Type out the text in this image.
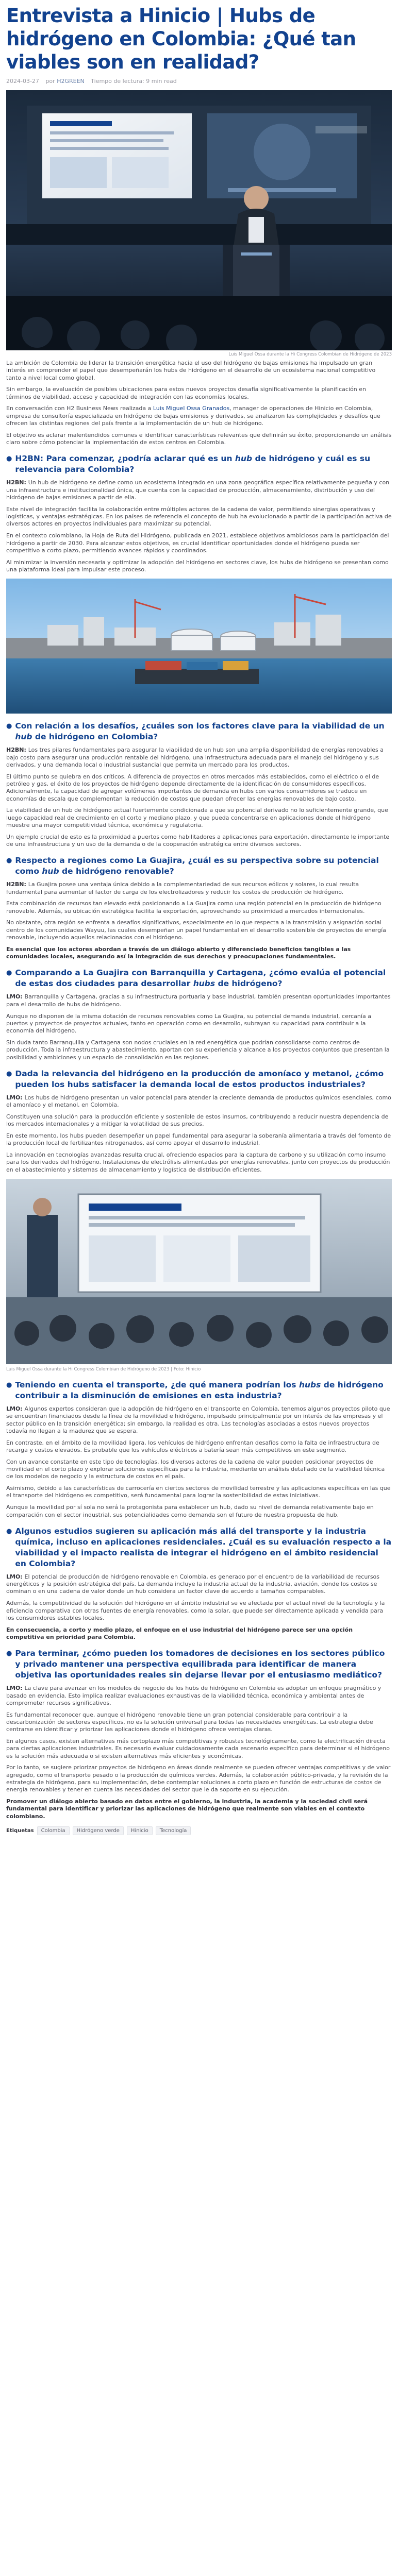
Entrevista a Hinicio | Hubs de hidrógeno en Colombia: ¿Qué tan viables son en realidad?
2024-03-27 por H2GREEN Tiempo de lectura: 9 min read
Luis Miguel Ossa durante la Hi Congress Colombian de Hidrógeno de 2023

La ambición de Colombia de liderar la transición energética hacia el uso del hidrógeno de bajas emisiones ha impulsado un gran interés en comprender el papel que desempeñarán los hubs de hidrógeno en el desarrollo de un ecosistema nacional competitivo tanto a nivel local como global.

Sin embargo, la evaluación de posibles ubicaciones para estos nuevos proyectos desafía significativamente la planificación en términos de viabilidad, acceso y capacidad de integración con las economías locales.

En conversación con H2 Business News realizada a Luis Miguel Ossa Granados, manager de operaciones de Hinicio en Colombia, empresa de consultoría especializada en hidrógeno de bajas emisiones y derivados, se analizaron las complejidades y desafíos que ofrecen las distintas regiones del país frente a la implementación de un hub de hidrógeno.

El objetivo es aclarar malentendidos comunes e identificar características relevantes que definirán su éxito, proporcionando un análisis claro sobre cómo potenciar la implementación de estos centros en Colombia.

● H2BN: Para comenzar, ¿podría aclarar qué es un hub de hidrógeno y cuál es su relevancia para Colombia?

H2BN: Un hub de hidrógeno se define como un ecosistema integrado en una zona geográfica específica relativamente pequeña y con una infraestructura e institucionalidad única, que cuenta con la capacidad de producción, almacenamiento, distribución y uso del hidrógeno de bajas emisiones a partir de ella.

Este nivel de integración facilita la colaboración entre múltiples actores de la cadena de valor, permitiendo sinergias operativas y logísticas, y ventajas estratégicas. En los países de referencia el concepto de hub ha evolucionado a partir de la participación activa de diversos actores en proyectos individuales para maximizar su potencial.

En el contexto colombiano, la Hoja de Ruta del Hidrógeno, publicada en 2021, establece objetivos ambiciosos para la participación del hidrógeno a partir de 2030. Para alcanzar estos objetivos, es crucial identificar oportunidades donde el hidrógeno pueda ser competitivo a corto plazo, permitiendo avances rápidos y coordinados.

Al minimizar la inversión necesaria y optimizar la adopción del hidrógeno en sectores clave, los hubs de hidrógeno se presentan como una plataforma ideal para impulsar este proceso.

● Con relación a los desafíos, ¿cuáles son los factores clave para la viabilidad de un hub de hidrógeno en Colombia?

H2BN: Los tres pilares fundamentales para asegurar la viabilidad de un hub son una amplia disponibilidad de energías renovables a bajo costo para asegurar una producción rentable del hidrógeno, una infraestructura adecuada para el manejo del hidrógeno y sus derivados, y una demanda local o industrial sustancial que permita un mercado para los productos.

El último punto se quiebra en dos críticos. A diferencia de proyectos en otros mercados más establecidos, como el eléctrico o el de petróleo y gas, el éxito de los proyectos de hidrógeno depende directamente de la identificación de consumidores específicos. Adicionalmente, la capacidad de agregar volúmenes importantes de demanda en hubs con varios consumidores se traduce en economías de escala que complementan la reducción de costos que puedan ofrecer las energías renovables de bajo costo.

La viabilidad de un hub de hidrógeno actual fuertemente condicionada a que su potencial derivado no lo suficientemente grande, que luego capacidad real de crecimiento en el corto y mediano plazo, y que pueda concentrarse en aplicaciones donde el hidrógeno muestre una mayor competitividad técnica, económica y regulatoria.

Un ejemplo crucial de esto es la proximidad a puertos como habilitadores a aplicaciones para exportación, directamente le importante de una infraestructura y un uso de la demanda o de la cooperación estratégica entre diversos sectores.

● Respecto a regiones como La Guajira, ¿cuál es su perspectiva sobre su potencial como hub de hidrógeno renovable?

H2BN: La Guajira posee una ventaja única debido a la complementariedad de sus recursos eólicos y solares, lo cual resulta fundamental para aumentar el factor de carga de los electrolizadores y reducir los costos de producción de hidrógeno.

Esta combinación de recursos tan elevado está posicionando a La Guajira como una región potencial en la producción de hidrógeno renovable. Además, su ubicación estratégica facilita la exportación, aprovechando su proximidad a mercados internacionales.

No obstante, otra región se enfrenta a desafíos significativos, especialmente en lo que respecta a la transmisión y asignación social dentro de los comunidades Wayuu, las cuales desempeñan un papel fundamental en el desarrollo sostenible de proyectos de energía renovable, incluyendo aquellos relacionados con el hidrógeno.

Es esencial que los actores abordan a través de un diálogo abierto y diferenciado beneficios tangibles a las comunidades locales, asegurando así la integración de sus derechos y preocupaciones fundamentales.

● Comparando a La Guajira con Barranquilla y Cartagena, ¿cómo evalúa el potencial de estas dos ciudades para desarrollar hubs de hidrógeno?

LMO: Barranquilla y Cartagena, gracias a su infraestructura portuaria y base industrial, también presentan oportunidades importantes para el desarrollo de hubs de hidrógeno.

Aunque no disponen de la misma dotación de recursos renovables como La Guajira, su potencial demanda industrial, cercanía a puertos y proyectos de proyectos actuales, tanto en operación como en desarrollo, subrayan su capacidad para contribuir a la economía del hidrógeno.

Sin duda tanto Barranquilla y Cartagena son nodos cruciales en la red energética que podrían consolidarse como centros de producción. Toda la infraestructura y abastecimiento, aportan con su experiencia y alcance a los proyectos conjuntos que presentan la posibilidad y ambiciones y un espacio de consolidación en las regiones.

● Dada la relevancia del hidrógeno en la producción de amoníaco y metanol, ¿cómo pueden los hubs satisfacer la demanda local de estos productos industriales?

LMO: Los hubs de hidrógeno presentan un valor potencial para atender la creciente demanda de productos químicos esenciales, como el amoníaco y el metanol, en Colombia.

Constituyen una solución para la producción eficiente y sostenible de estos insumos, contribuyendo a reducir nuestra dependencia de los mercados internacionales y a mitigar la volatilidad de sus precios.

En este momento, los hubs pueden desempeñar un papel fundamental para asegurar la soberanía alimentaria a través del fomento de la producción local de fertilizantes nitrogenados, así como apoyar el desarrollo industrial.

La innovación en tecnologías avanzadas resulta crucial, ofreciendo espacios para la captura de carbono y su utilización como insumo para los derivados del hidrógeno. Instalaciones de electrólisis alimentadas por energías renovables, junto con proyectos de producción en el abastecimiento y sistemas de almacenamiento y logística de distribución eficientes.

Luis Miguel Ossa durante la Hi Congress Colombian de Hidrógeno de 2023 | Foto: Hinicio
● Teniendo en cuenta el transporte, ¿de qué manera podrían los hubs de hidrógeno contribuir a la disminución de emisiones en esta industria?

LMO: Algunos expertos consideran que la adopción de hidrógeno en el transporte en Colombia, tenemos algunos proyectos piloto que se encuentran financiados desde la línea de la movilidad e hidrógeno, impulsado principalmente por un interés de las empresas y el sector público en la transición energética; sin embargo, la realidad es otra. Las tecnologías asociadas a estos nuevos proyectos todavía no llegan a la madurez que se espera.

En contraste, en el ámbito de la movilidad ligera, los vehículos de hidrógeno enfrentan desafíos como la falta de infraestructura de recarga y costos elevados. Es probable que los vehículos eléctricos a batería sean más competitivos en este segmento.

Con un avance constante en este tipo de tecnologías, los diversos actores de la cadena de valor pueden posicionar proyectos de movilidad en el corto plazo y explorar soluciones específicas para la industria, mediante un análisis detallado de la viabilidad técnica de los modelos de negocio y la estructura de costos en el país.

Asimismo, debido a las características de carrocería en ciertos sectores de movilidad terrestre y las aplicaciones específicas en las que el transporte del hidrógeno es competitivo, será fundamental para lograr la sostenibilidad de estas iniciativas.

Aunque la movilidad por sí sola no será la protagonista para establecer un hub, dado su nivel de demanda relativamente bajo en comparación con el sector industrial, sus potencialidades como demanda son el futuro de nuestra propuesta de hub.

● Algunos estudios sugieren su aplicación más allá del transporte y la industria química, incluso en aplicaciones residenciales. ¿Cuál es su evaluación respecto a la viabilidad y el impacto realista de integrar el hidrógeno en el ámbito residencial en Colombia?

LMO: El potencial de producción de hidrógeno renovable en Colombia, es generado por el encuentro de la variabilidad de recursos energéticos y la posición estratégica del país. La demanda incluye la industria actual de la industria, aviación, donde los costos se dominan o en una cadena de valor donde un hub considera un factor clave de acuerdo a tamaños comparables.

Además, la competitividad de la solución del hidrógeno en el ámbito industrial se ve afectada por el actual nivel de la tecnología y la eficiencia comparativa con otras fuentes de energía renovables, como la solar, que puede ser directamente aplicada y vendida para los consumidores estables locales.

En consecuencia, a corto y medio plazo, el enfoque en el uso industrial del hidrógeno parece ser una opción competitiva en prioridad para Colombia.

● Para terminar, ¿cómo pueden los tomadores de decisiones en los sectores público y privado mantener una perspectiva equilibrada para identificar de manera objetiva las oportunidades reales sin dejarse llevar por el entusiasmo mediático?

LMO: La clave para avanzar en los modelos de negocio de los hubs de hidrógeno en Colombia es adoptar un enfoque pragmático y basado en evidencia. Esto implica realizar evaluaciones exhaustivas de la viabilidad técnica, económica y ambiental antes de comprometer recursos significativos.

Es fundamental reconocer que, aunque el hidrógeno renovable tiene un gran potencial considerable para contribuir a la descarbonización de sectores específicos, no es la solución universal para todas las necesidades energéticas. La estrategia debe centrarse en identificar y priorizar las aplicaciones donde el hidrógeno ofrece ventajas claras.

En algunos casos, existen alternativas más cortoplazo más competitivas y robustas tecnológicamente, como la electrificación directa para ciertas aplicaciones industriales. Es necesario evaluar cuidadosamente cada escenario específico para determinar si el hidrógeno es la solución más adecuada o si existen alternativas más eficientes y económicas.

Por lo tanto, se sugiere priorizar proyectos de hidrógeno en áreas donde realmente se pueden ofrecer ventajas competitivas y de valor agregado, como el transporte pesado o la producción de químicos verdes. Además, la colaboración público-privada, y la revisión de la estrategia de hidrógeno, para su implementación, debe contemplar soluciones a corto plazo en función de estructuras de costos de energía renovables y tener en cuenta las necesidades del sector que le da soporte en su ejecución.

Promover un diálogo abierto basado en datos entre el gobierno, la industria, la academia y la sociedad civil será fundamental para identificar y priorizar las aplicaciones de hidrógeno que realmente son viables en el contexto colombiano.

Etiquetas	Colombia	Hidrógeno verde	Hinicio	Tecnología
